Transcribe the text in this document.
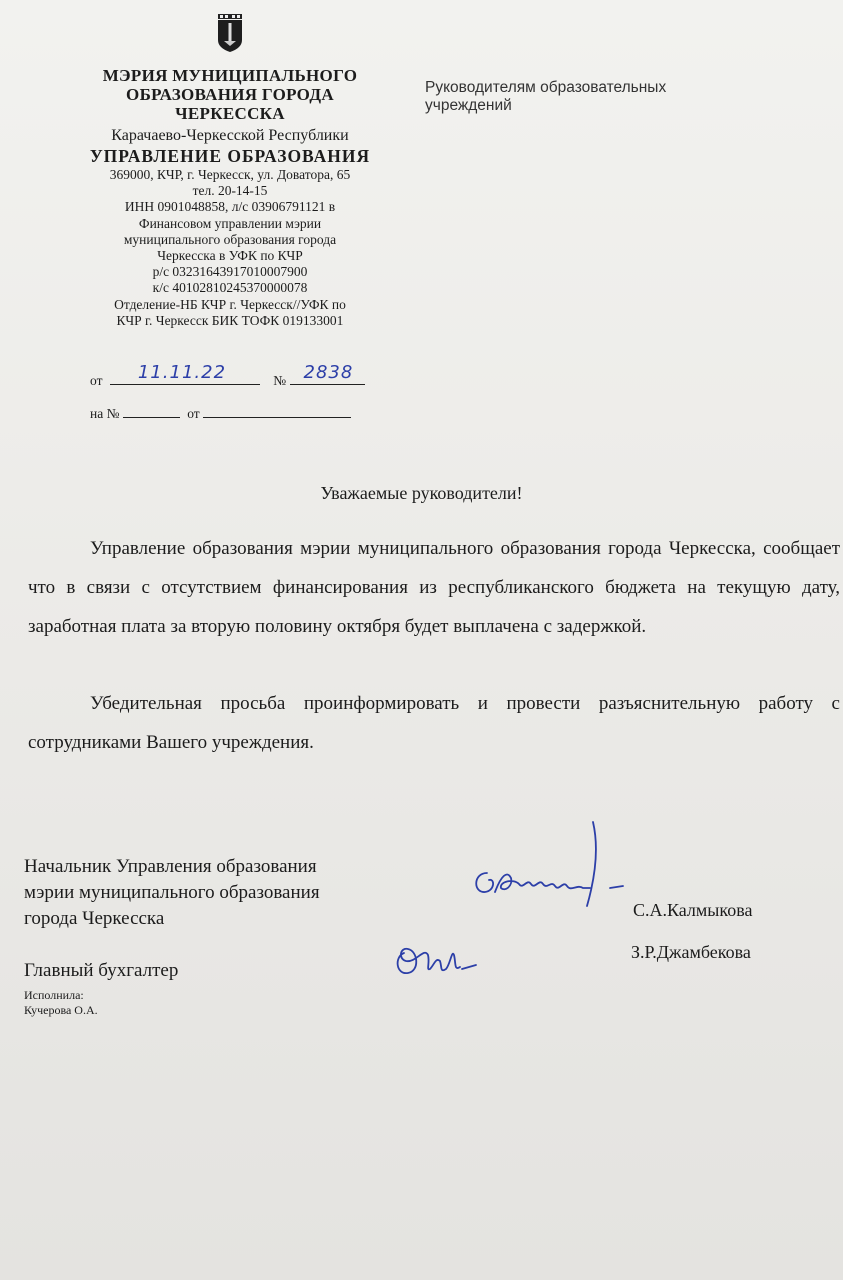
МЭРИЯ МУНИЦИПАЛЬНОГО
ОБРАЗОВАНИЯ ГОРОДА
ЧЕРКЕССКА
Карачаево-Черкесской Республики
УПРАВЛЕНИЕ ОБРАЗОВАНИЯ
369000, КЧР, г. Черкесск, ул. Доватора, 65
тел. 20-14-15
ИНН 0901048858, л/с 03906791121 в
Финансовом управлении мэрии
муниципального образования города
Черкесска в УФК по КЧР
р/с 03231643917010007900
к/с 40102810245370000078
Отделение-НБ КЧР г. Черкесск//УФК по
КЧР г. Черкесск БИК ТОФК 019133001
Руководителям образовательных
учреждений
от 11.11.22	№ 2838
на №	от
Уважаемые руководители!

Управление образования мэрии муниципального образования города Черкесска, сообщает что в связи с отсутствием финансирования из республиканского бюджета на текущую дату, заработная плата за вторую половину октября будет выплачена с задержкой.

Убедительная просьба проинформировать и провести разъяснительную работу с сотрудниками Вашего учреждения.

Начальник Управления образования
мэрии муниципального образования
города Черкесска	С.А.Калмыкова
Главный бухгалтер
З.Р.Джамбекова
Исполнила:
Кучерова О.А.
